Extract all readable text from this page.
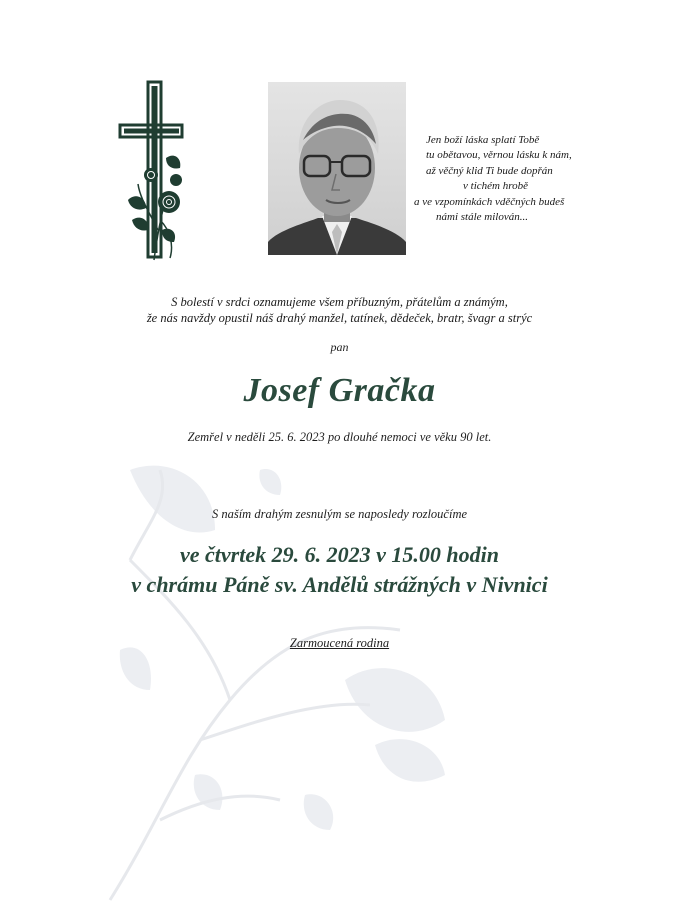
Jen boží láska splatí Tobě
tu obětavou, věrnou lásku k nám,
až věčný klid Ti bude dopřán
v tichém hrobě
a ve vzpomínkách vděčných budeš
námi stále milován...
S bolestí v srdci oznamujeme všem příbuzným, přátelům a známým,
že nás navždy opustil náš drahý manžel, tatínek, dědeček, bratr, švagr a strýc
pan
Josef Gračka
Zemřel v neděli 25. 6. 2023 po dlouhé nemoci ve věku 90 let.
S naším drahým zesnulým se naposledy rozloučíme
ve čtvrtek 29. 6. 2023 v 15.00 hodin
v chrámu Páně sv. Andělů strážných v Nivnici
Zarmoucená rodina
